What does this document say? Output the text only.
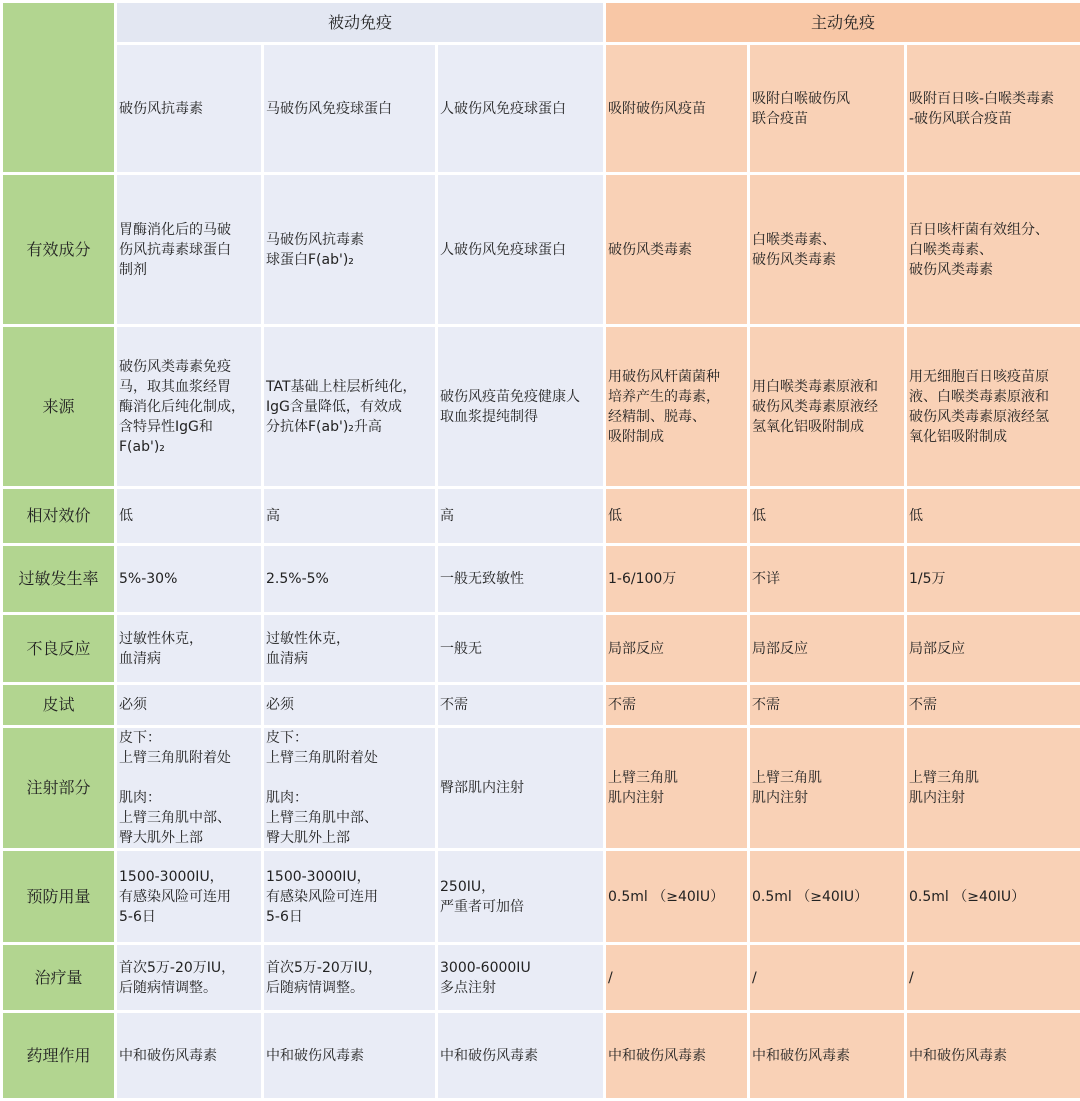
	被动免疫			主动免疫		
	破伤风抗毒素	马破伤风免疫球蛋白	人破伤风免疫球蛋白	吸附破伤风疫苗	吸附白喉破伤风
联合疫苗	吸附百日咳-白喉类毒素
-破伤风联合疫苗
有效成分	胃酶消化后的马破
伤风抗毒素球蛋白
制剂	马破伤风抗毒素
球蛋白F(ab')₂	人破伤风免疫球蛋白	破伤风类毒素	白喉类毒素、
破伤风类毒素	百日咳杆菌有效组分、
白喉类毒素、
破伤风类毒素
来源	破伤风类毒素免疫
马，取其血浆经胃
酶消化后纯化制成，
含特异性IgG和
F(ab')₂	TAT基础上柱层析纯化，
IgG含量降低，有效成
分抗体F(ab')₂升高	破伤风疫苗免疫健康人
取血浆提纯制得	用破伤风杆菌菌种
培养产生的毒素，
经精制、脱毒、
吸附制成	用白喉类毒素原液和
破伤风类毒素原液经
氢氧化铝吸附制成	用无细胞百日咳疫苗原
液、白喉类毒素原液和
破伤风类毒素原液经氢
氧化铝吸附制成
相对效价	低	高	高	低	低	低
过敏发生率	5%-30%	2.5%-5%	一般无致敏性	1-6/100万	不详	1/5万
不良反应	过敏性休克，
血清病	过敏性休克，
血清病	一般无	局部反应	局部反应	局部反应
皮试	必须	必须	不需	不需	不需	不需
注射部分	皮下：
上臂三角肌附着处

肌肉：
上臂三角肌中部、
臀大肌外上部	皮下：
上臂三角肌附着处

肌肉：
上臂三角肌中部、
臀大肌外上部	臀部肌内注射	上臂三角肌
肌内注射	上臂三角肌
肌内注射	上臂三角肌
肌内注射
预防用量	1500-3000IU，
有感染风险可连用
5-6日	1500-3000IU，
有感染风险可连用
5-6日	250IU，
严重者可加倍	0.5ml （≥40IU）	0.5ml （≥40IU）	0.5ml （≥40IU）
治疗量	首次5万-20万IU，
后随病情调整。	首次5万-20万IU，
后随病情调整。	3000-6000IU
多点注射	/	/	/
药理作用	中和破伤风毒素	中和破伤风毒素	中和破伤风毒素	中和破伤风毒素	中和破伤风毒素	中和破伤风毒素
